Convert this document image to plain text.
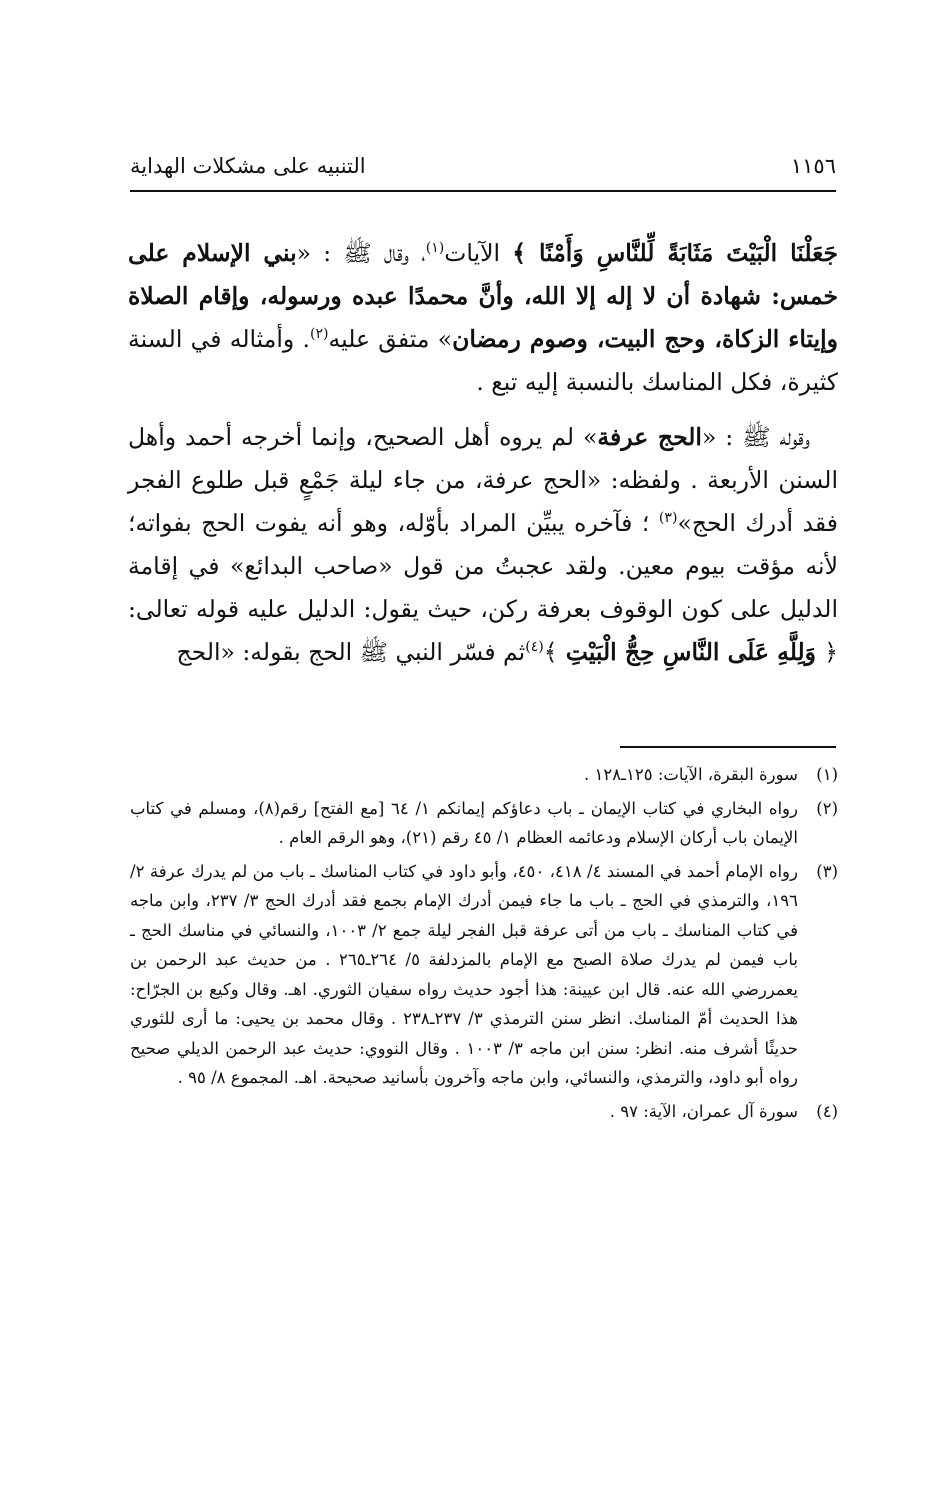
١١٥٦
التنبيه على مشكلات الهداية

جَعَلْنَا الْبَيْتَ مَثَابَةً لِّلنَّاسِ وَأَمْنًا ﴾ الآيات$^{(١)}$، وقال ﷺ : «بني الإسلام على خمس: شهادة أن لا إله إلا الله، وأنَّ محمدًا عبده ورسوله، وإقام الصلاة وإيتاء الزكاة، وحج البيت، وصوم رمضان» متفق عليه$^{(٢)}$. وأمثاله في السنة كثيرة، فكل المناسك بالنسبة إليه تبع .

وقوله ﷺ : «الحج عرفة» لم يروه أهل الصحيح، وإنما أخرجه أحمد وأهل السنن الأربعة . ولفظه: «الحج عرفة، من جاء ليلة جَمْعٍ قبل طلوع الفجر فقد أدرك الحج»$^{(٣)}$ ؛ فآخره يبيِّن المراد بأوّله، وهو أنه يفوت الحج بفواته؛ لأنه مؤقت بيوم معين. ولقد عجبتُ من قول «صاحب البدائع» في إقامة الدليل على كون الوقوف بعرفة ركن، حيث يقول: الدليل عليه قوله تعالى: ﴿ وَلِلَّهِ عَلَى النَّاسِ حِجُّ الْبَيْتِ ﴾$^{(٤)}$ثم فسّر النبي ﷺ الحج بقوله: «الحج

(١)
سورة البقرة، الآيات: ١٢٥ـ١٢٨ .
(٢)
رواه البخاري في كتاب الإيمان ـ باب دعاؤكم إيمانكم ١/ ٦٤ [مع الفتح] رقم(٨)، ومسلم في كتاب الإيمان باب أركان الإسلام ودعائمه العظام ١/ ٤٥ رقم (٢١)، وهو الرقم العام .
(٣)
رواه الإمام أحمد في المسند ٤/ ٤١٨، ٤٥٠، وأبو داود في كتاب المناسك ـ باب من لم يدرك عرفة ٢/ ١٩٦، والترمذي في الحج ـ باب ما جاء فيمن أدرك الإمام بجمع فقد أدرك الحج ٣/ ٢٣٧، وابن ماجه في كتاب المناسك ـ باب من أتى عرفة قبل الفجر ليلة جمع ٢/ ١٠٠٣، والنسائي في مناسك الحج ـ باب فيمن لم يدرك صلاة الصبح مع الإمام بالمزدلفة ٥/ ٢٦٤ـ٢٦٥ . من حديث عبد الرحمن بن يعمررضي الله عنه. قال ابن عيينة: هذا أجود حديث رواه سفيان الثوري. اهـ. وقال وكيع بن الجرّاح: هذا الحديث أمّ المناسك. انظر سنن الترمذي ٣/ ٢٣٧ـ٢٣٨ . وقال محمد بن يحيى: ما أرى للثوري حديثًا أشرف منه. انظر: سنن ابن ماجه ٣/ ١٠٠٣ . وقال النووي: حديث عبد الرحمن الديلي صحيح رواه أبو داود، والترمذي، والنسائي، وابن ماجه وآخرون بأسانيد صحيحة. اهـ. المجموع ٨/ ٩٥ .
(٤)
سورة آل عمران، الآية: ٩٧ .
